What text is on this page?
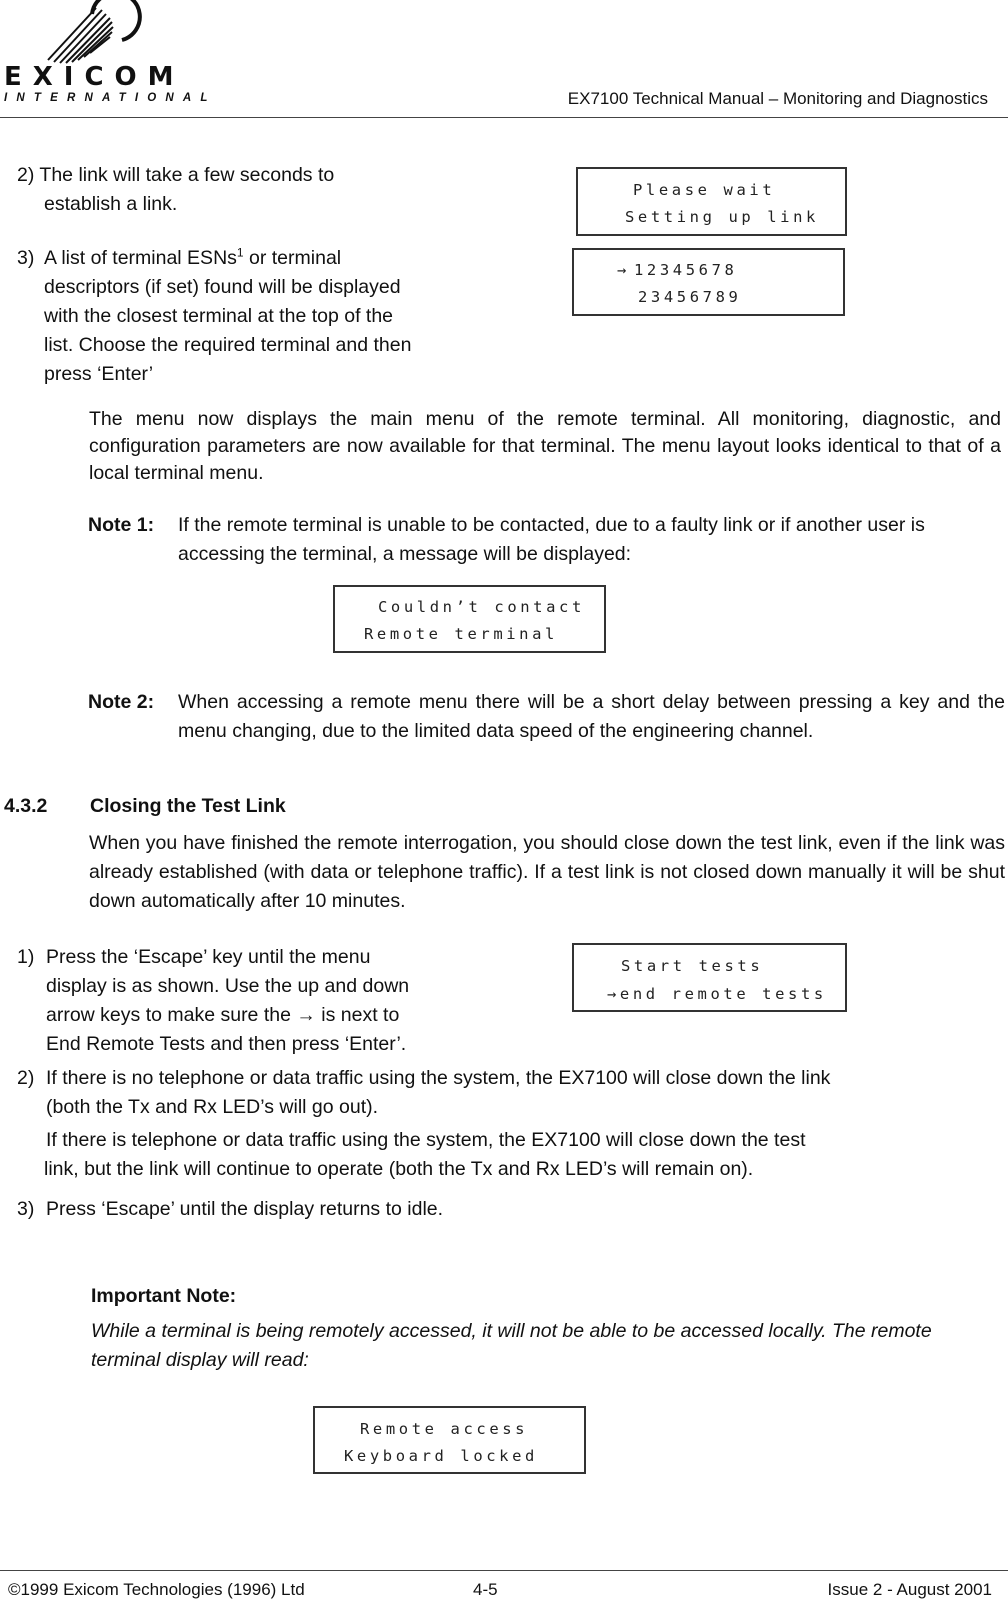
EXICOM
INTERNATIONAL	EX7100 Technical Manual – Monitoring and Diagnostics
2) The link will take a few seconds to
establish a link.
3) A list of terminal ESNs$^1$ or terminal
descriptors (if set) found will be displayed
with the closest terminal at the top of the
list. Choose the required terminal and then
press ‘Enter’
Please wait
Setting up link
→ 12345678
23456789
The menu now displays the main menu of the remote terminal. All monitoring, diagnostic, and configuration parameters are now available for that terminal. The menu layout looks identical to that of a local terminal menu.
Note 1: If the remote terminal is unable to be contacted, due to a faulty link or if another user is accessing the terminal, a message will be displayed:
Couldn’t contact
Remote terminal
Note 2: When accessing a remote menu there will be a short delay between pressing a key and the menu changing, due to the limited data speed of the engineering channel.
4.3.2 Closing the Test Link
When you have finished the remote interrogation, you should close down the test link, even if the link was already established (with data or telephone traffic). If a test link is not closed down manually it will be shut down automatically after 10 minutes.
1) Press the ‘Escape’ key until the menu
display is as shown. Use the up and down
arrow keys to make sure the → is next to
End Remote Tests and then press ‘Enter’.
Start tests
→end remote tests
2) If there is no telephone or data traffic using the system, the EX7100 will close down the link
(both the Tx and Rx LED’s will go out).
If there is telephone or data traffic using the system, the EX7100 will close down the test
link, but the link will continue to operate (both the Tx and Rx LED’s will remain on).
3) Press ‘Escape’ until the display returns to idle.
Important Note:
While a terminal is being remotely accessed, it will not be able to be accessed locally. The remote terminal display will read:
Remote access
Keyboard locked
©1999 Exicom Technologies (1996) Ltd	4-5	Issue 2 - August 2001
